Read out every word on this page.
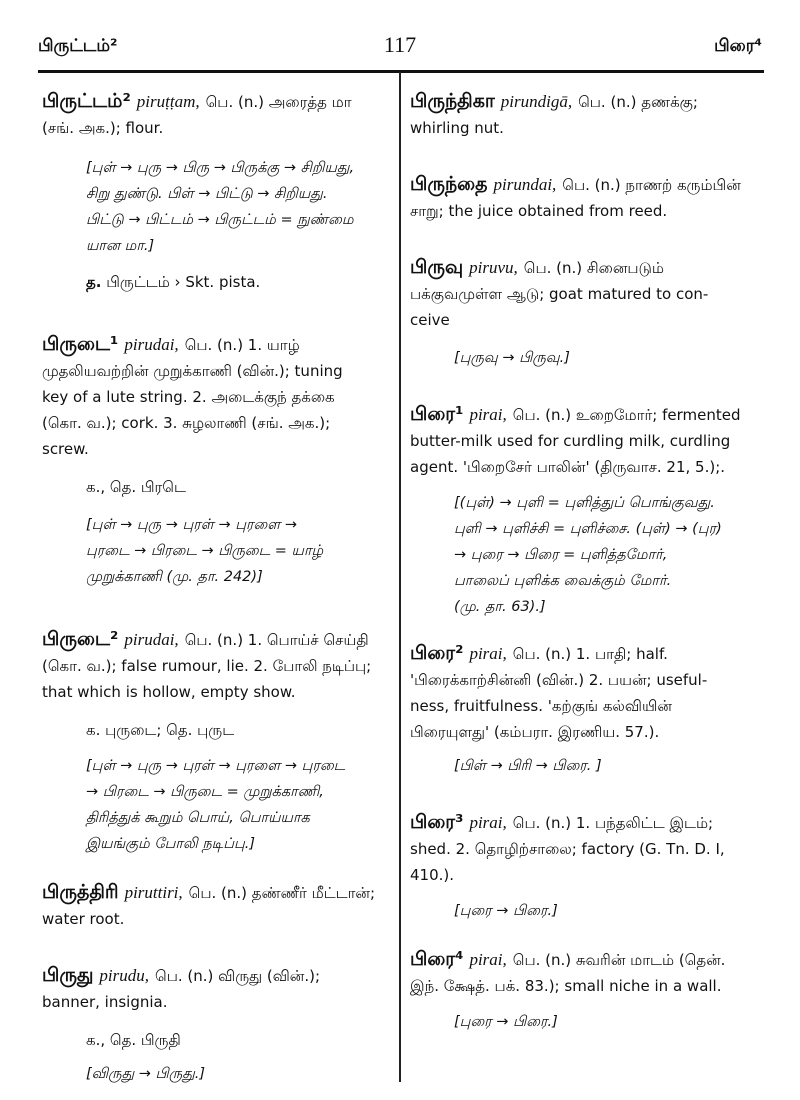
பிருட்டம்²	117	பிரை⁴
பிருட்டம்² piruṭṭam, பெ. (n.) அரைத்த மா
(சங். அக.); flour.
[புள் → புரு → பிரு → பிருக்கு → சிறியது,
சிறு துண்டு. பிள் → பிட்டு → சிறியது.
பிட்டு → பிட்டம் → பிருட்டம் = நுண்மை
யான மா.]
த. பிருட்டம் › Skt. pista.
பிருடை¹ pirudai, பெ. (n.) 1. யாழ்
முதலியவற்றின் முறுக்காணி (வின்.); tuning
key of a lute string. 2. அடைக்குந் தக்கை
(கொ. வ.); cork. 3. சுழலாணி (சங். அக.);
screw.
க., தெ. பிரடெ
[புள் → புரு → புரள் → புரளை →
புரடை → பிரடை → பிருடை = யாழ்
முறுக்காணி (மு. தா. 242)]
பிருடை² pirudai, பெ. (n.) 1. பொய்ச் செய்தி
(கொ. வ.); false rumour, lie. 2. போலி நடிப்பு;
that which is hollow, empty show.
க. புருடை; தெ. புருட
[புள் → புரு → புரள் → புரளை → புரடை
→ பிரடை → பிருடை = முறுக்காணி,
திரித்துக் கூறும் பொய், பொய்யாக
இயங்கும் போலி நடிப்பு.]
பிருத்திரி piruttiri, பெ. (n.) தண்ணீர் மீட்டான்;
water root.
பிருது pirudu, பெ. (n.) விருது (வின்.);
banner, insignia.
க., தெ. பிருதி
[விருது → பிருது.]
பிருந்திகா pirundigā, பெ. (n.) தணக்கு;
whirling nut.
பிருந்தை pirundai, பெ. (n.) நாணற் கரும்பின்
சாறு; the juice obtained from reed.
பிருவு piruvu, பெ. (n.) சினைபடும்
பக்குவமுள்ள ஆடு; goat matured to con-
ceive
[புருவு → பிருவு.]
பிரை¹ pirai, பெ. (n.) உறைமோர்; fermented
butter-milk used for curdling milk, curdling
agent. 'பிறைசேர் பாலின்' (திருவாச. 21, 5.);.
[(புள்) → புளி = புளித்துப் பொங்குவது.
புளி → புளிச்சி = புளிச்சை. (புள்) → (புர)
→ புரை → பிரை = புளித்தமோர்,
பாலைப் புளிக்க வைக்கும் மோர்.
(மு. தா. 63).]
பிரை² pirai, பெ. (n.) 1. பாதி; half.
'பிரைக்காற்சின்னி (வின்.) 2. பயன்; useful-
ness, fruitfulness. 'கற்குங் கல்வியின்
பிரையுளது' (கம்பரா. இரணிய. 57.).
[பிள் → பிரி → பிரை. ]
பிரை³ pirai, பெ. (n.) 1. பந்தலிட்ட இடம்;
shed. 2. தொழிற்சாலை; factory (G. Tn. D. I,
410.).
[புரை → பிரை.]
பிரை⁴ pirai, பெ. (n.) சுவரின் மாடம் (தென்.
இந். க்ஷேத். பக். 83.); small niche in a wall.
[புரை → பிரை.]
